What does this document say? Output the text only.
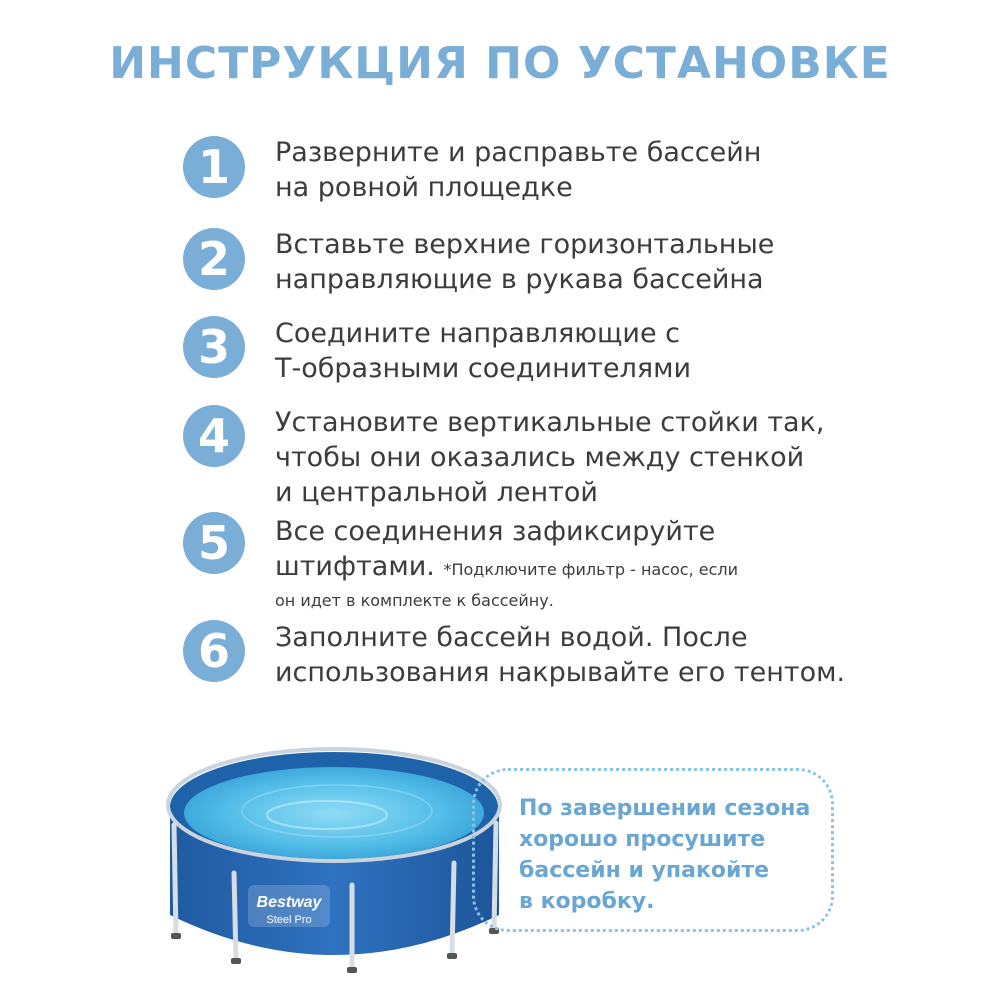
ИНСТРУКЦИЯ ПО УСТАНОВКЕ
1	Разверните и расправьте бассейн
на ровной площедке
2	Вставьте верхние горизонтальные
направляющие в рукава бассейна
3	Соедините направляющие с
Т-образными соединителями
4	Установите вертикальные стойки так,
чтобы они оказались между стенкой
и центральной лентой
5	Все соединения зафиксируйте
штифтами. *Подключите фильтр - насос, если
он идет в комплекте к бассейну.
6	Заполните бассейн водой. После
использования накрывайте его тентом.
Bestway
Steel Pro
По завершении сезона
хорошо просушите
бассейн и упакойте
в коробку.
